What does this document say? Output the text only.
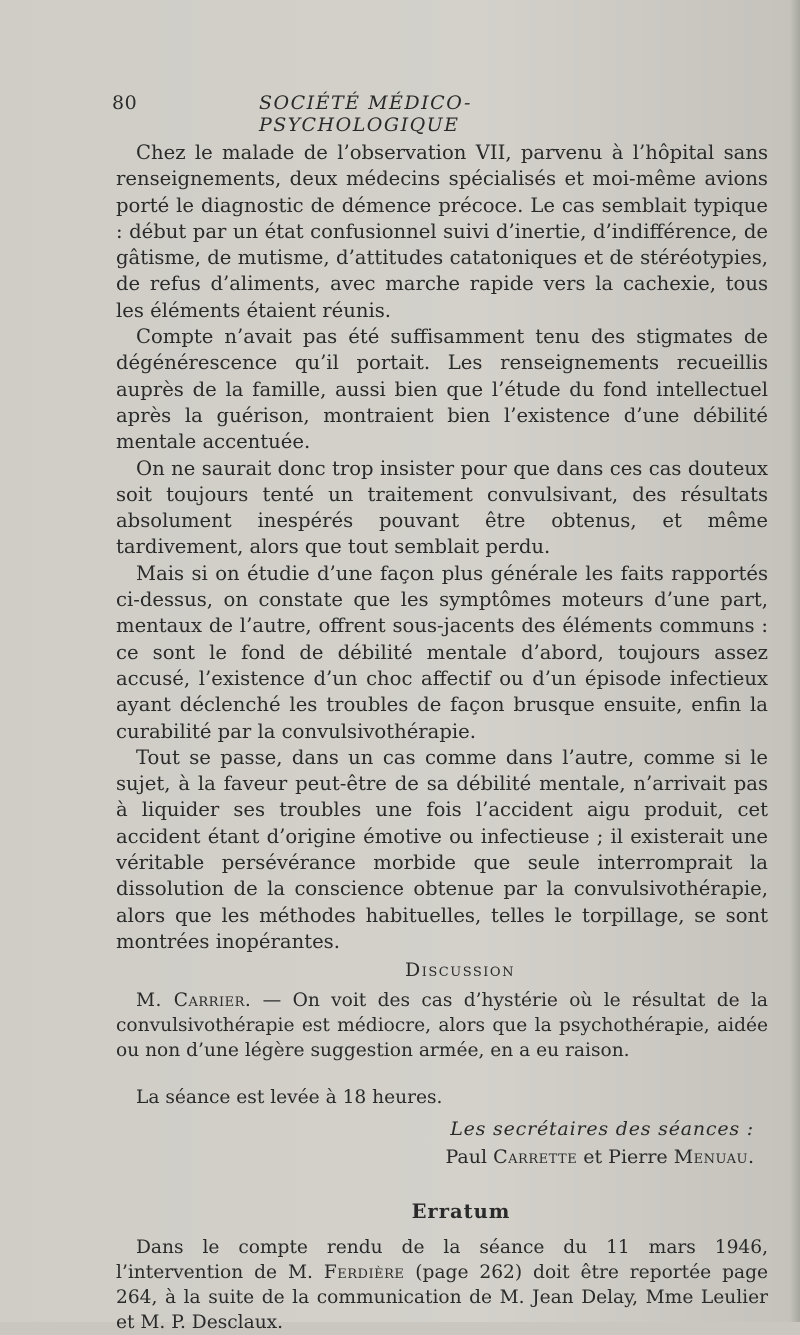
80	SOCIÉTÉ MÉDICO-PSYCHOLOGIQUE

Chez le malade de l’observation VII, parvenu à l’hôpital sans renseignements, deux médecins spécialisés et moi-même avions porté le diagnostic de démence précoce. Le cas semblait typique : début par un état confusionnel suivi d’inertie, d’indifférence, de gâtisme, de mutisme, d’attitudes catatoniques et de stéréotypies, de refus d’aliments, avec marche rapide vers la cachexie, tous les éléments étaient réunis.

Compte n’avait pas été suffisamment tenu des stigmates de dégénérescence qu’il portait. Les renseignements recueillis auprès de la famille, aussi bien que l’étude du fond intellectuel après la guérison, montraient bien l’existence d’une débilité mentale accentuée.

On ne saurait donc trop insister pour que dans ces cas douteux soit toujours tenté un traitement convulsivant, des résultats absolument inespérés pouvant être obtenus, et même tardivement, alors que tout semblait perdu.

Mais si on étudie d’une façon plus générale les faits rapportés ci-dessus, on constate que les symptômes moteurs d’une part, mentaux de l’autre, offrent sous-jacents des éléments communs : ce sont le fond de débilité mentale d’abord, toujours assez accusé, l’existence d’un choc affectif ou d’un épisode infectieux ayant déclenché les troubles de façon brusque ensuite, enfin la curabilité par la convulsivothérapie.

Tout se passe, dans un cas comme dans l’autre, comme si le sujet, à la faveur peut-être de sa débilité mentale, n’arrivait pas à liquider ses troubles une fois l’accident aigu produit, cet accident étant d’origine émotive ou infectieuse ; il existerait une véritable persévérance morbide que seule interromprait la dissolution de la conscience obtenue par la convulsivothérapie, alors que les méthodes habituelles, telles le torpillage, se sont montrées inopérantes.

Discussion

M. Carrier. — On voit des cas d’hystérie où le résultat de la convulsivothérapie est médiocre, alors que la psychothérapie, aidée ou non d’une légère suggestion armée, en a eu raison.

La séance est levée à 18 heures.

Les secrétaires des séances :

Paul Carrette et Pierre Menuau.

Erratum

Dans le compte rendu de la séance du 11 mars 1946, l’intervention de M. Ferdière (page 262) doit être reportée page 264, à la suite de la communication de M. Jean Delay, Mme Leulier et M. P. Desclaux.
